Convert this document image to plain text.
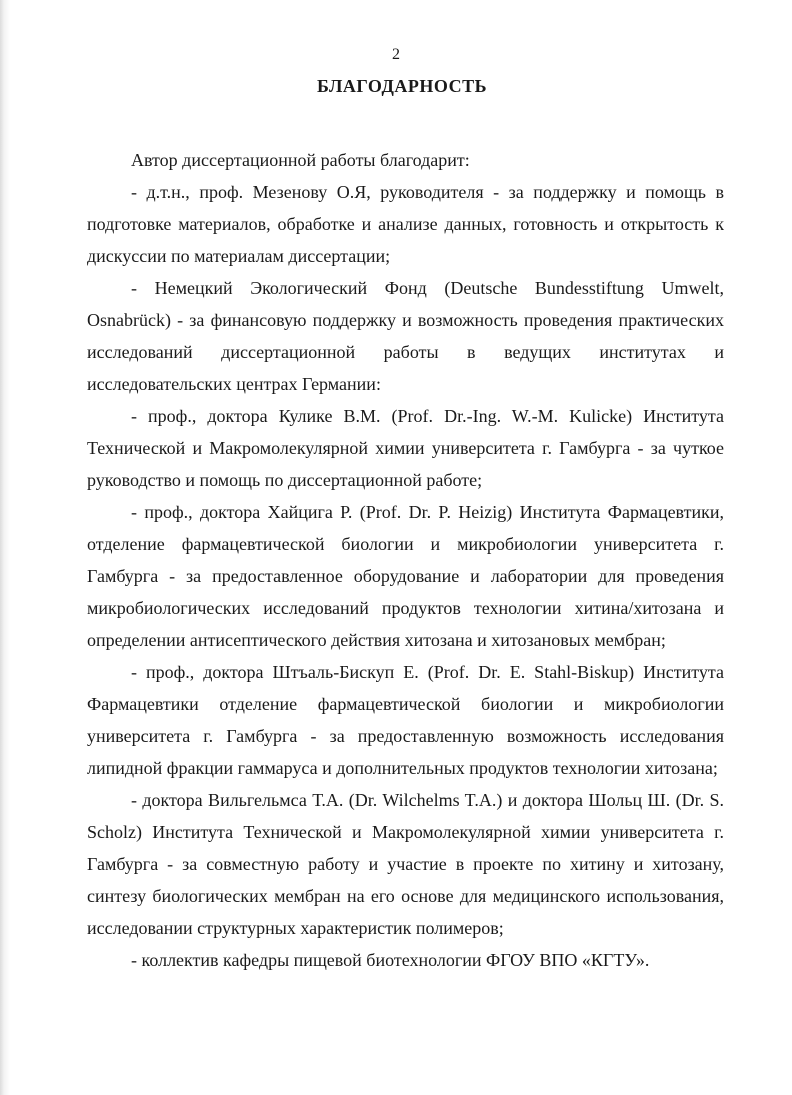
2
БЛАГОДАРНОСТЬ

Автор диссертационной работы благодарит:

- д.т.н., проф. Мезенову О.Я, руководителя - за поддержку и помощь в подготовке материалов, обработке и анализе данных, готовность и открытость к дискуссии по материалам диссертации;

- Немецкий Экологический Фонд (Deutsche Bundesstiftung Umwelt, Osnabrück) - за финансовую поддержку и возможность проведения практических исследований диссертационной работы в ведущих институтах и исследовательских центрах Германии:

- проф., доктора Кулике В.М. (Prof. Dr.-Ing. W.-M. Kulicke) Института Технической и Макромолекулярной химии университета г. Гамбурга - за чуткое руководство и помощь по диссертационной работе;

- проф., доктора Хайцига Р. (Prof. Dr. P. Heizig) Института Фармацевтики, отделение фармацевтической биологии и микробиологии университета г. Гамбурга - за предоставленное оборудование и лаборатории для проведения микробиологических исследований продуктов технологии хитина/хитозана и определении антисептического действия хитозана и хитозановых мембран;

- проф., доктора Штъаль-Бискуп Е. (Prof. Dr. E. Stahl-Biskup) Института Фармацевтики отделение фармацевтической биологии и микробиологии университета г. Гамбурга - за предоставленную возможность исследования липидной фракции гаммаруса и дополнительных продуктов технологии хитозана;

- доктора Вильгельмса Т.А. (Dr. Wilchelms T.A.) и доктора Шольц Ш. (Dr. S. Scholz) Института Технической и Макромолекулярной химии университета г. Гамбурга - за совместную работу и участие в проекте по хитину и хитозану, синтезу биологических мембран на его основе для медицинского использования, исследовании структурных характеристик полимеров;

- коллектив кафедры пищевой биотехнологии ФГОУ ВПО «КГТУ».
